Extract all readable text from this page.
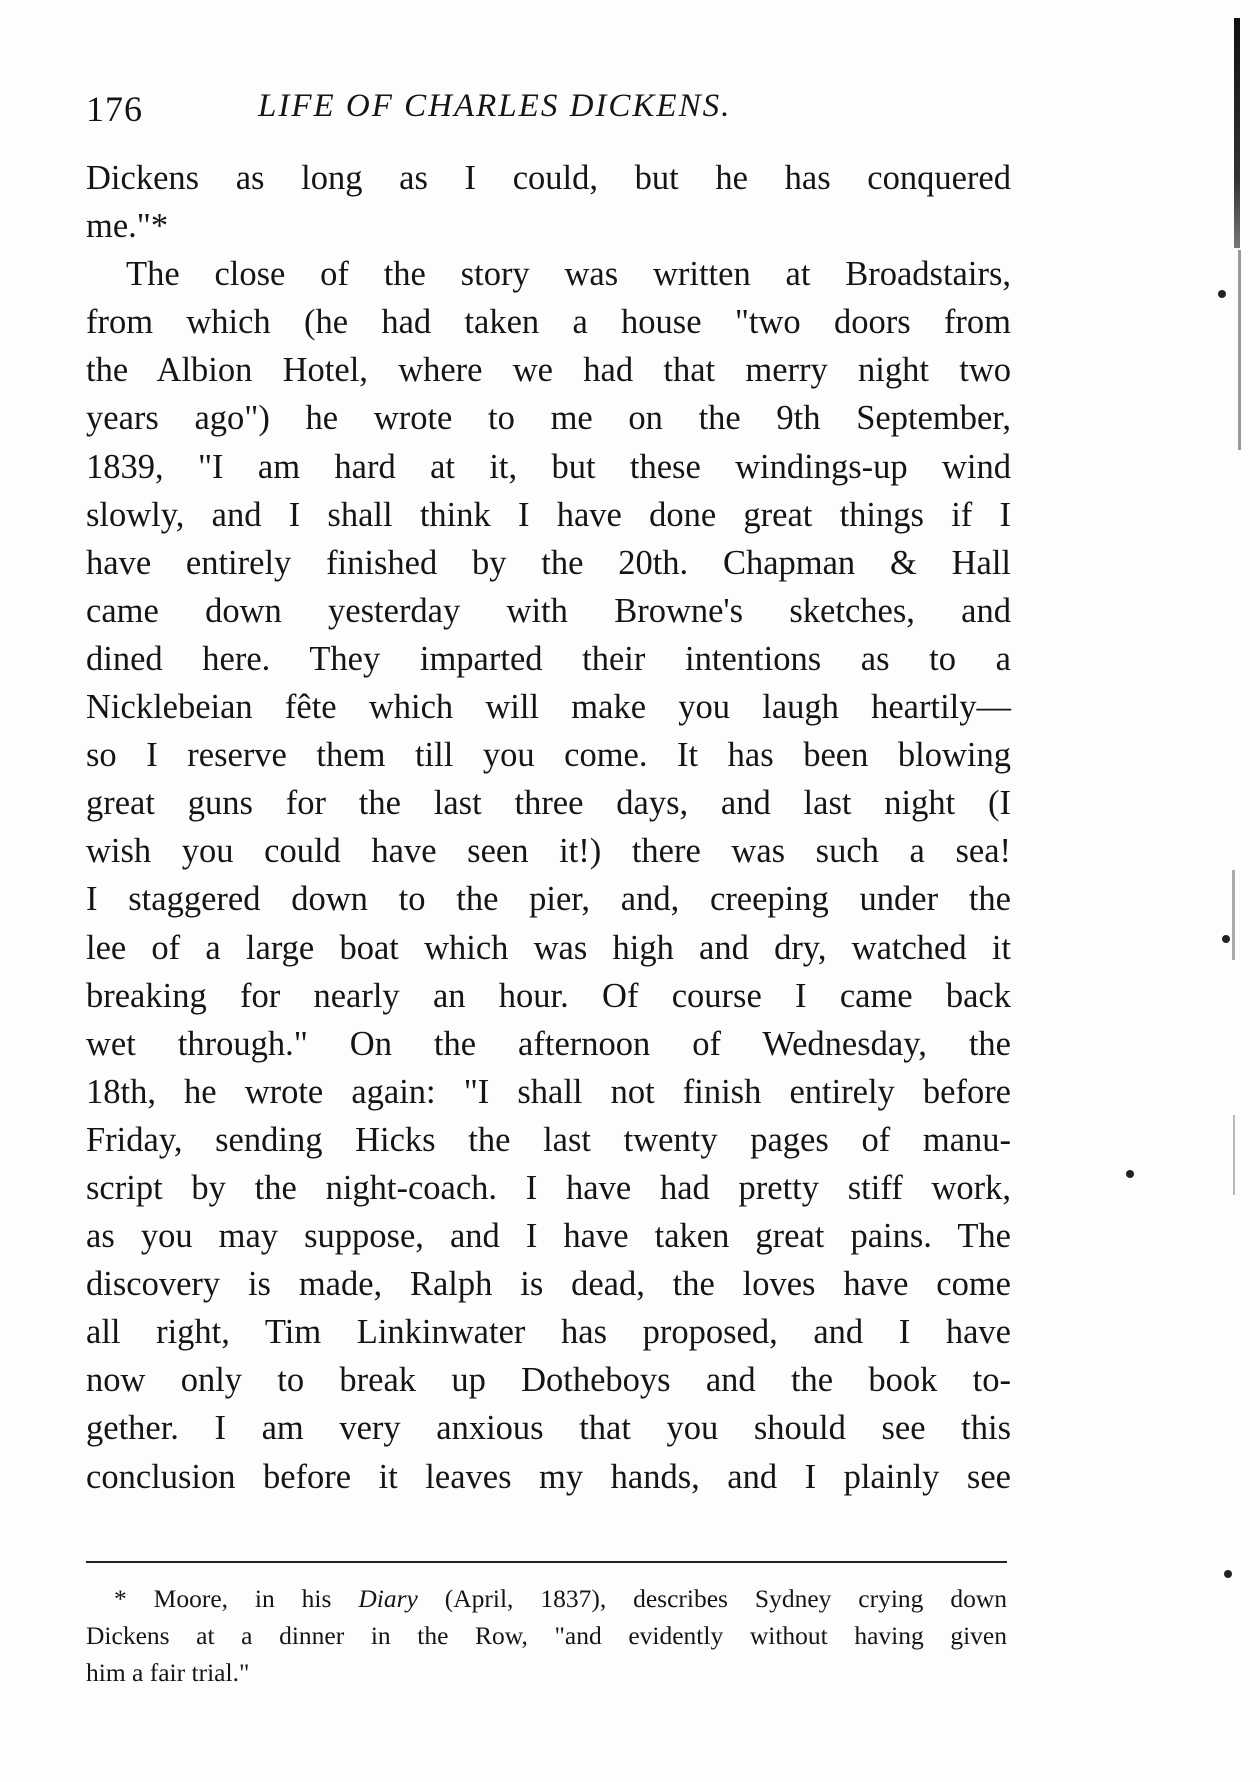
176	LIFE OF CHARLES DICKENS.
Dickens as long as I could, but he has conquered
me."*
The close of the story was written at Broadstairs,
from which (he had taken a house "two doors from
the Albion Hotel, where we had that merry night two
years ago") he wrote to me on the 9th September,
1839, "I am hard at it, but these windings-up wind
slowly, and I shall think I have done great things if I
have entirely finished by the 20th. Chapman & Hall
came down yesterday with Browne's sketches, and
dined here. They imparted their intentions as to a
Nicklebeian fête which will make you laugh heartily—
so I reserve them till you come. It has been blowing
great guns for the last three days, and last night (I
wish you could have seen it!) there was such a sea!
I staggered down to the pier, and, creeping under the
lee of a large boat which was high and dry, watched it
breaking for nearly an hour. Of course I came back
wet through." On the afternoon of Wednesday, the
18th, he wrote again: "I shall not finish entirely before
Friday, sending Hicks the last twenty pages of manu-
script by the night-coach. I have had pretty stiff work,
as you may suppose, and I have taken great pains. The
discovery is made, Ralph is dead, the loves have come
all right, Tim Linkinwater has proposed, and I have
now only to break up Dotheboys and the book to-
gether. I am very anxious that you should see this
conclusion before it leaves my hands, and I plainly see
* Moore, in his Diary (April, 1837), describes Sydney crying down
Dickens at a dinner in the Row, "and evidently without having given
him a fair trial."
